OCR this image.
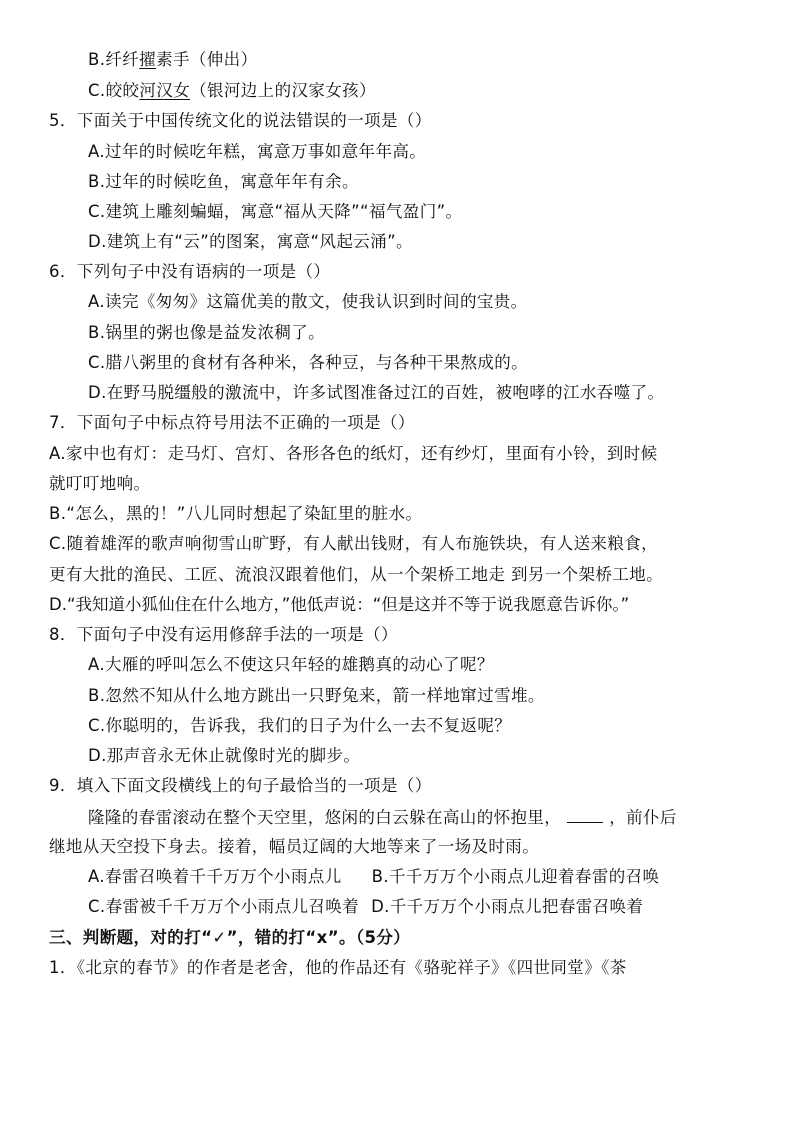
B.纤纤擢素手（伸出）
C.皎皎河汉女（银河边上的汉家女孩）
5．下面关于中国传统文化的说法错误的一项是（）
A.过年的时候吃年糕，寓意万事如意年年高。
B.过年的时候吃鱼，寓意年年有余。
C.建筑上雕刻蝙蝠，寓意“福从天降”“福气盈门”。
D.建筑上有“云”的图案，寓意“风起云涌”。
6．下列句子中没有语病的一项是（）
A.读完《匆匆》这篇优美的散文，使我认识到时间的宝贵。
B.锅里的粥也像是益发浓稠了。
C.腊八粥里的食材有各种米，各种豆，与各种干果熬成的。
D.在野马脱缰般的激流中，许多试图准备过江的百姓，被咆哮的江水吞噬了。
7．下面句子中标点符号用法不正确的一项是（）
A.家中也有灯：走马灯、宫灯、各形各色的纸灯，还有纱灯，里面有小铃，到时候
就叮叮地响。
B.“怎么，黑的！”八儿同时想起了染缸里的脏水。
C.随着雄浑的歌声响彻雪山旷野，有人献出钱财，有人布施铁块，有人送来粮食，
更有大批的渔民、工匠、流浪汉跟着他们，从一个架桥工地走 到另一个架桥工地。
D.“我知道小狐仙住在什么地方，”他低声说：“但是这并不等于说我愿意告诉你。”
8．下面句子中没有运用修辞手法的一项是（）
A.大雁的呼叫怎么不使这只年轻的雄鹅真的动心了呢？
B.忽然不知从什么地方跳出一只野兔来，箭一样地窜过雪堆。
C.你聪明的，告诉我，我们的日子为什么一去不复返呢？
D.那声音永无休止就像时光的脚步。
9．填入下面文段横线上的句子最恰当的一项是（）
隆隆的春雷滚动在整个天空里，悠闲的白云躲在高山的怀抱里，	，前仆后
继地从天空投下身去。接着，幅员辽阔的大地等来了一场及时雨。
A.春雷召唤着千千万万个小雨点儿 B.千千万万个小雨点儿迎着春雷的召唤
C.春雷被千千万万个小雨点儿召唤着 D.千千万万个小雨点儿把春雷召唤着
三、判断题，对的打“✓”，错的打“x”。（5分）
1．《北京的春节》的作者是老舍，他的作品还有《骆驼祥子》《四世同堂》《茶
